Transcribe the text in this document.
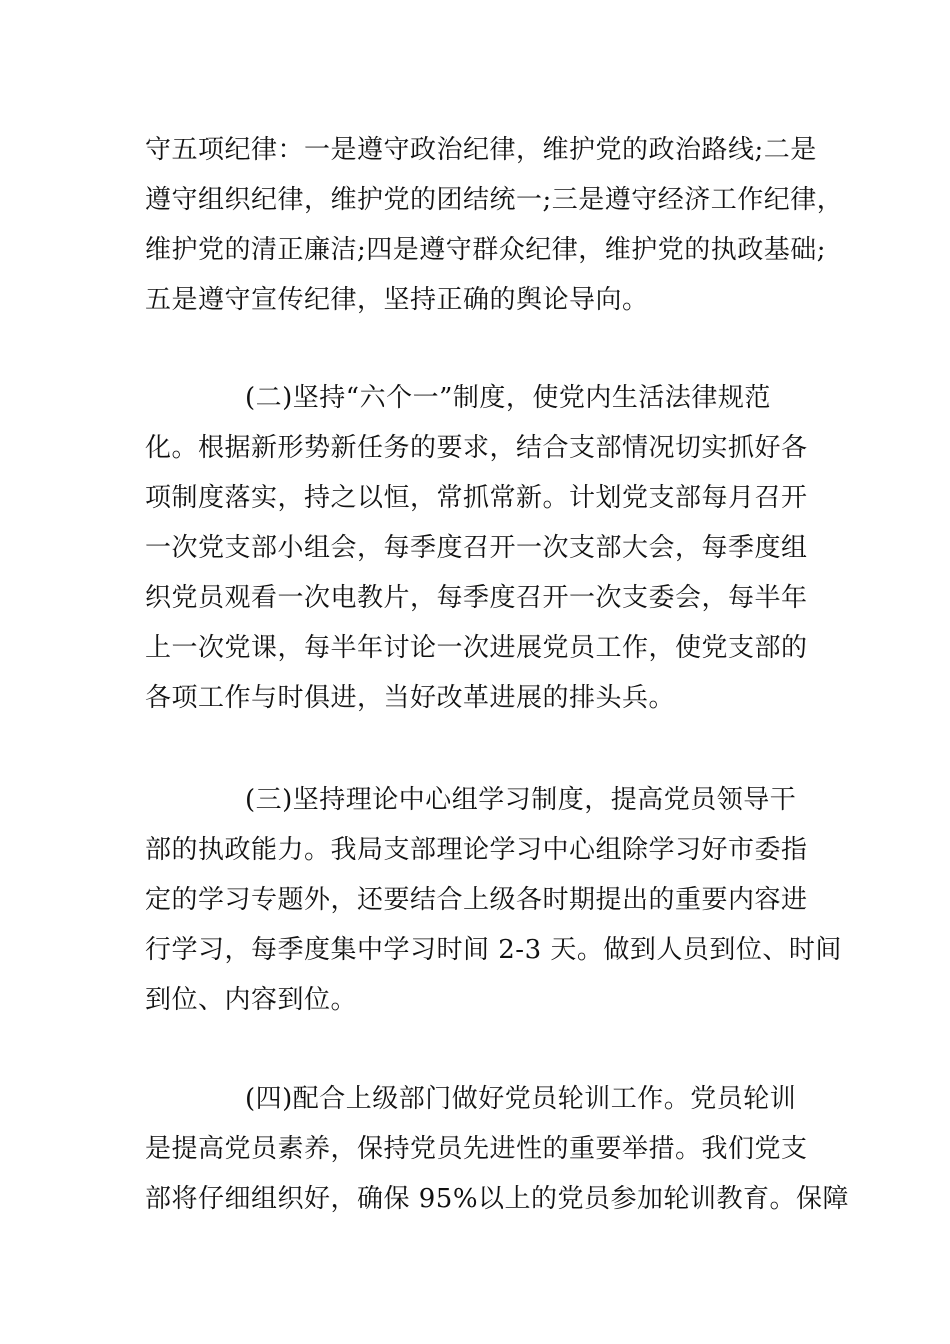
守五项纪律：一是遵守政治纪律，维护党的政治路线;二是
遵守组织纪律，维护党的团结统一;三是遵守经济工作纪律，
维护党的清正廉洁;四是遵守群众纪律，维护党的执政基础;
五是遵守宣传纪律，坚持正确的舆论导向。
(二)坚持“六个一”制度，使党内生活法律规范
化。根据新形势新任务的要求，结合支部情况切实抓好各
项制度落实，持之以恒，常抓常新。计划党支部每月召开
一次党支部小组会，每季度召开一次支部大会，每季度组
织党员观看一次电教片，每季度召开一次支委会，每半年
上一次党课，每半年讨论一次进展党员工作，使党支部的
各项工作与时俱进，当好改革进展的排头兵。
(三)坚持理论中心组学习制度，提高党员领导干
部的执政能力。我局支部理论学习中心组除学习好市委指
定的学习专题外，还要结合上级各时期提出的重要内容进
行学习，每季度集中学习时间 2-3 天。做到人员到位、时间
到位、内容到位。
(四)配合上级部门做好党员轮训工作。党员轮训
是提高党员素养，保持党员先进性的重要举措。我们党支
部将仔细组织好，确保 95%以上的党员参加轮训教育。保障
